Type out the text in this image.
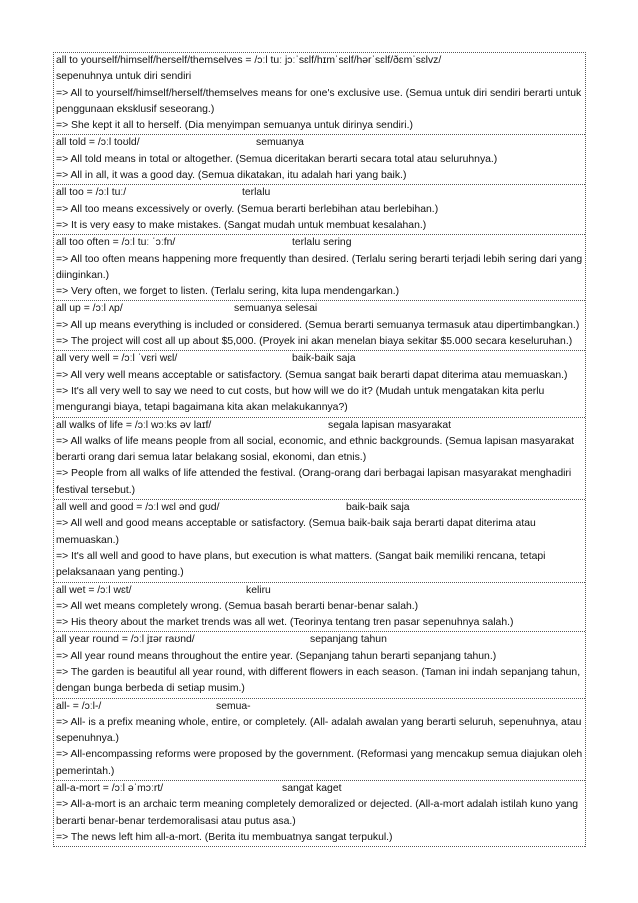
all to yourself/himself/herself/themselves = /ɔːl tuː jɔːˈsɛlf/hɪmˈsɛlf/hərˈsɛlf/ðɛmˈsɛlvz/
sepenuhnya untuk diri sendiri
=> All to yourself/himself/herself/themselves means for one's exclusive use. (Semua untuk diri sendiri berarti untuk penggunaan eksklusif seseorang.)
=> She kept it all to herself. (Dia menyimpan semuanya untuk dirinya sendiri.)
all told = /ɔːl toʊld/	semuanya
=> All told means in total or altogether. (Semua diceritakan berarti secara total atau seluruhnya.)
=> All in all, it was a good day. (Semua dikatakan, itu adalah hari yang baik.)
all too = /ɔːl tuː/	terlalu
=> All too means excessively or overly. (Semua berarti berlebihan atau berlebihan.)
=> It is very easy to make mistakes. (Sangat mudah untuk membuat kesalahan.)
all too often = /ɔːl tuː ˈɔːfn/	terlalu sering
=> All too often means happening more frequently than desired. (Terlalu sering berarti terjadi lebih sering dari yang diinginkan.)
=> Very often, we forget to listen. (Terlalu sering, kita lupa mendengarkan.)
all up = /ɔːl ʌp/	semuanya selesai
=> All up means everything is included or considered. (Semua berarti semuanya termasuk atau dipertimbangkan.)
=> The project will cost all up about $5,000. (Proyek ini akan menelan biaya sekitar $5.000 secara keseluruhan.)
all very well = /ɔːl ˈvɛri wɛl/	baik-baik saja
=> All very well means acceptable or satisfactory. (Semua sangat baik berarti dapat diterima atau memuaskan.)
=> It's all very well to say we need to cut costs, but how will we do it? (Mudah untuk mengatakan kita perlu mengurangi biaya, tetapi bagaimana kita akan melakukannya?)
all walks of life = /ɔːl wɔːks əv laɪf/	segala lapisan masyarakat
=> All walks of life means people from all social, economic, and ethnic backgrounds. (Semua lapisan masyarakat berarti orang dari semua latar belakang sosial, ekonomi, dan etnis.)
=> People from all walks of life attended the festival. (Orang-orang dari berbagai lapisan masyarakat menghadiri festival tersebut.)
all well and good = /ɔːl wɛl ənd gʊd/	baik-baik saja
=> All well and good means acceptable or satisfactory. (Semua baik-baik saja berarti dapat diterima atau memuaskan.)
=> It's all well and good to have plans, but execution is what matters. (Sangat baik memiliki rencana, tetapi pelaksanaan yang penting.)
all wet = /ɔːl wɛt/	keliru
=> All wet means completely wrong. (Semua basah berarti benar-benar salah.)
=> His theory about the market trends was all wet. (Teorinya tentang tren pasar sepenuhnya salah.)
all year round = /ɔːl jɪər raʊnd/	sepanjang tahun
=> All year round means throughout the entire year. (Sepanjang tahun berarti sepanjang tahun.)
=> The garden is beautiful all year round, with different flowers in each season. (Taman ini indah sepanjang tahun, dengan bunga berbeda di setiap musim.)
all- = /ɔːl-/	semua-
=> All- is a prefix meaning whole, entire, or completely. (All- adalah awalan yang berarti seluruh, sepenuhnya, atau sepenuhnya.)
=> All-encompassing reforms were proposed by the government. (Reformasi yang mencakup semua diajukan oleh pemerintah.)
all-a-mort = /ɔːl əˈmɔːrt/	sangat kaget
=> All-a-mort is an archaic term meaning completely demoralized or dejected. (All-a-mort adalah istilah kuno yang berarti benar-benar terdemoralisasi atau putus asa.)
=> The news left him all-a-mort. (Berita itu membuatnya sangat terpukul.)
